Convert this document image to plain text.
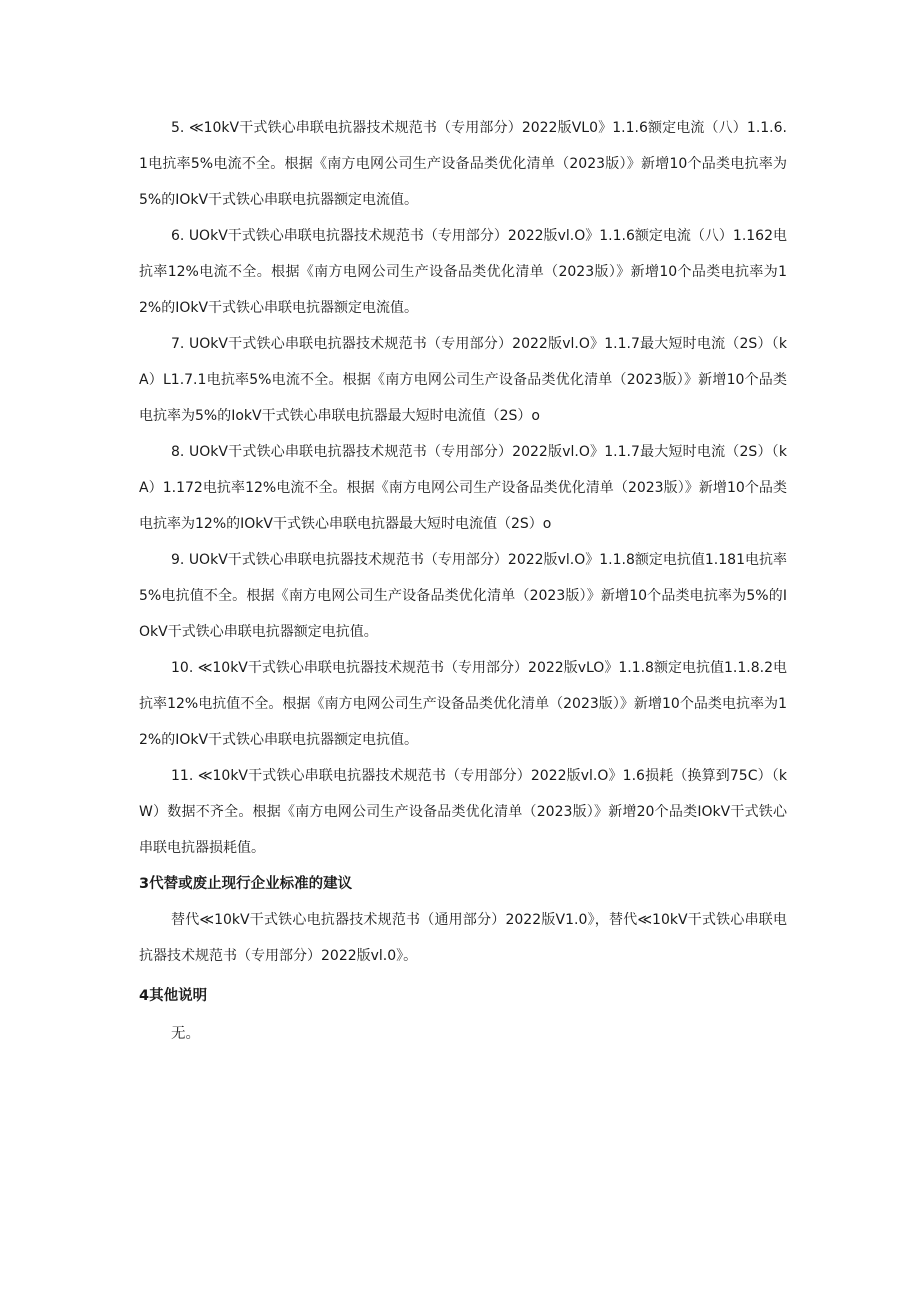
5. ≪10kV干式铁心串联电抗器技术规范书（专用部分）2022版VL0》1.1.6额定电流（八）1.1.6.1电抗率5%电流不全。根据《南方电网公司生产设备品类优化清单（2023版）》新增10个品类电抗率为5%的IOkV干式铁心串联电抗器额定电流值。

6. UOkV干式铁心串联电抗器技术规范书（专用部分）2022版vl.O》1.1.6额定电流（八）1.162电抗率12%电流不全。根据《南方电网公司生产设备品类优化清单（2023版）》新增10个品类电抗率为12%的IOkV干式铁心串联电抗器额定电流值。

7. UOkV干式铁心串联电抗器技术规范书（专用部分）2022版vl.O》1.1.7最大短时电流（2S）（kA）L1.7.1电抗率5%电流不全。根据《南方电网公司生产设备品类优化清单（2023版）》新增10个品类电抗率为5%的IokV干式铁心串联电抗器最大短时电流值（2S）o

8. UOkV干式铁心串联电抗器技术规范书（专用部分）2022版vl.O》1.1.7最大短时电流（2S）（kA）1.172电抗率12%电流不全。根据《南方电网公司生产设备品类优化清单（2023版）》新增10个品类电抗率为12%的IOkV干式铁心串联电抗器最大短时电流值（2S）o

9. UOkV干式铁心串联电抗器技术规范书（专用部分）2022版vl.O》1.1.8额定电抗值1.181电抗率5%电抗值不全。根据《南方电网公司生产设备品类优化清单（2023版）》新增10个品类电抗率为5%的IOkV干式铁心串联电抗器额定电抗值。

10. ≪10kV干式铁心串联电抗器技术规范书（专用部分）2022版vLO》1.1.8额定电抗值1.1.8.2电抗率12%电抗值不全。根据《南方电网公司生产设备品类优化清单（2023版）》新增10个品类电抗率为12%的IOkV干式铁心串联电抗器额定电抗值。

11. ≪10kV干式铁心串联电抗器技术规范书（专用部分）2022版vl.O》1.6损耗（换算到75C）（kW）数据不齐全。根据《南方电网公司生产设备品类优化清单（2023版）》新增20个品类IOkV干式铁心串联电抗器损耗值。

3代替或废止现行企业标准的建议

替代≪10kV干式铁心电抗器技术规范书（通用部分）2022版V1.0》，替代≪10kV干式铁心串联电抗器技术规范书（专用部分）2022版vl.0》。

4其他说明

无。
